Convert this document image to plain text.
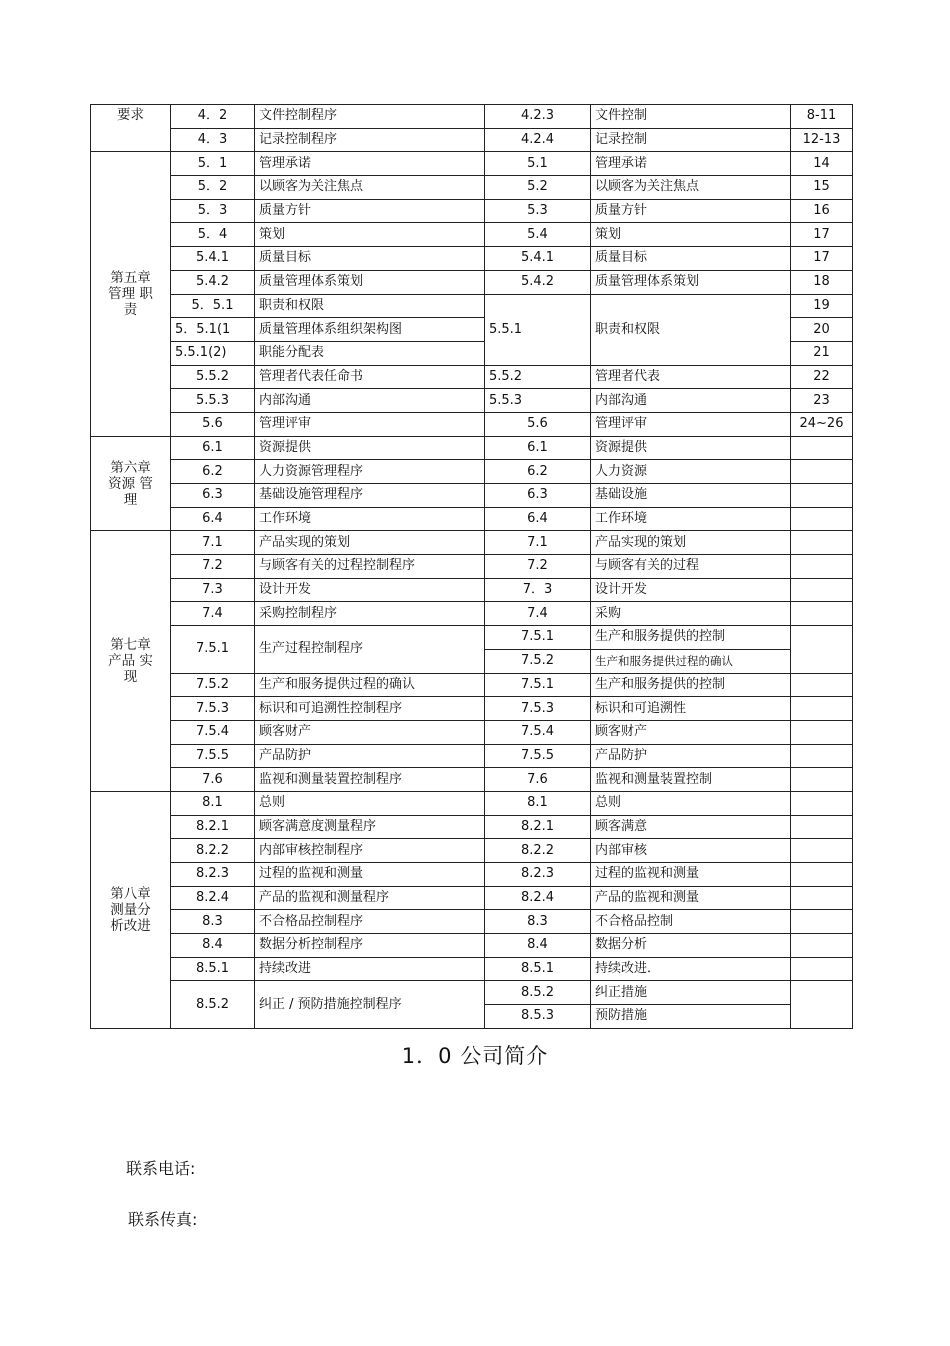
要求	4．2	文件控制程序	4.2.3	文件控制	8-11
	4．3	记录控制程序	4.2.4	记录控制	12-13
第五章 管理 职责	5．1	管理承诺	5.1	管理承诺	14
	5．2	以顾客为关注焦点	5.2	以顾客为关注焦点	15
	5．3	质量方针	5.3	质量方针	16
	5．4	策划	5.4	策划	17
	5.4.1	质量目标	5.4.1	质量目标	17
	5.4.2	质量管理体系策划	5.4.2	质量管理体系策划	18
	5．5.1	职责和权限	5.5.1	职责和权限	19
	5．5.1(1	质量管理体系组织架构图			20
	5.5.1(2)	职能分配表			21
	5.5.2	管理者代表任命书	5.5.2	管理者代表	22
	5.5.3	内部沟通	5.5.3	内部沟通	23
	5.6	管理评审	5.6	管理评审	24~26
第六章 资源 管理	6.1	资源提供	6.1	资源提供	
	6.2	人力资源管理程序	6.2	人力资源	
	6.3	基础设施管理程序	6.3	基础设施	
	6.4	工作环境	6.4	工作环境	
第七章 产品 实现	7.1	产品实现的策划	7.1	产品实现的策划	
	7.2	与顾客有关的过程控制程序	7.2	与顾客有关的过程	
	7.3	设计开发	7．3	设计开发	
	7.4	采购控制程序	7.4	采购	
	7.5.1	生产过程控制程序	7.5.1	生产和服务提供的控制	
			7.5.2	生产和服务提供过程的确认	
	7.5.2	生产和服务提供过程的确认	7.5.1	生产和服务提供的控制	
	7.5.3	标识和可追溯性控制程序	7.5.3	标识和可追溯性	
	7.5.4	顾客财产	7.5.4	顾客财产	
	7.5.5	产品防护	7.5.5	产品防护	
	7.6	监视和测量装置控制程序	7.6	监视和测量装置控制	
第八章 测量分 析改进	8.1	总则	8.1	总则	
	8.2.1	顾客满意度测量程序	8.2.1	顾客满意	
	8.2.2	内部审核控制程序	8.2.2	内部审核	
	8.2.3	过程的监视和测量	8.2.3	过程的监视和测量	
	8.2.4	产品的监视和测量程序	8.2.4	产品的监视和测量	
	8.3	不合格品控制程序	8.3	不合格品控制	
	8.4	数据分析控制程序	8.4	数据分析	
	8.5.1	持续改进	8.5.1	持续改进．	
	8.5.2	纠正 / 预防措施控制程序	8.5.2	纠正措施	
			8.5.3	预防措施	
1．0 公司简介
联系电话:
联系传真:
